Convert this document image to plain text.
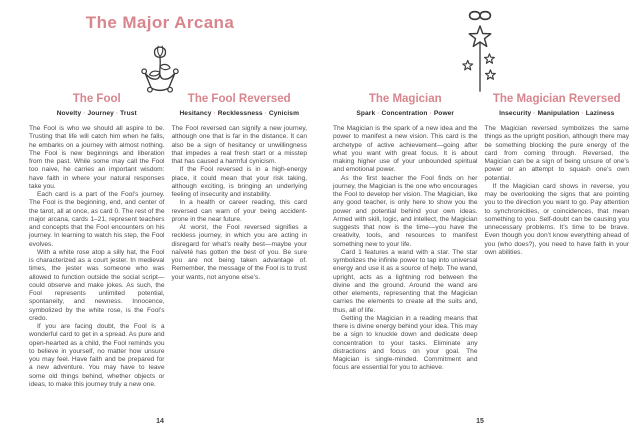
The Major Arcana
The Fool
Novelty · Journey · Trust

The Fool is who we should all aspire to be. Trusting that life will catch him when he falls, he embarks on a journey with almost nothing. The Fool is new beginnings and liberation from the past. While some may call the Fool too naive, he carries an important wisdom: have faith in where your natural responses take you.

Each card is a part of the Fool’s journey. The Fool is the beginning, end, and center of the tarot, all at once, as card 0. The rest of the major arcana, cards 1–21, represent teachers and concepts that the Fool encounters on his journey. In learning to watch his step, the Fool evolves.

With a white rose atop a silly hat, the Fool is characterized as a court jester. In medieval times, the jester was someone who was allowed to function outside the social script—could observe and make jokes. As such, the Fool represents unlimited potential, spontaneity, and newness. Innocence, symbolized by the white rose, is the Fool’s credo.

If you are facing doubt, the Fool is a wonderful card to get in a spread. As pure and open-hearted as a child, the Fool reminds you to believe in yourself, no matter how unsure you may feel. Have faith and be prepared for a new adventure. You may have to leave some old things behind, whether objects or ideas, to make this journey truly a new one.

The Fool Reversed
Hesitancy · Recklessness · Cynicism

The Fool reversed can signify a new journey, although one that is far in the distance. It can also be a sign of hesitancy or unwillingness that impedes a real fresh start or a misstep that has caused a harmful cynicism.

If the Fool reversed is in a high-energy place, it could mean that your risk taking, although exciting, is bringing an underlying feeling of insecurity and instability.

In a health or career reading, this card reversed can warn of your being accident-prone in the near future.

At worst, the Fool reversed signifies a reckless journey, in which you are acting in disregard for what’s really best—maybe your naïveté has gotten the best of you. Be sure you are not being taken advantage of. Remember, the message of the Fool is to trust your wants, not anyone else’s.

14
The Magician
Spark · Concentration · Power

The Magician is the spark of a new idea and the power to manifest a new vision. This card is the archetype of active achievement—going after what you want with great focus. It is about making higher use of your unbounded spiritual and emotional power.

As the first teacher the Fool finds on her journey, the Magician is the one who encourages the Fool to develop her vision. The Magician, like any good teacher, is only here to show you the power and potential behind your own ideas. Armed with skill, logic, and intellect, the Magician suggests that now is the time—you have the creativity, tools, and resources to manifest something new to your life.

Card 1 features a wand with a star. The star symbolizes the infinite power to tap into universal energy and use it as a source of help. The wand, upright, acts as a lightning rod between the divine and the ground. Around the wand are other elements, representing that the Magician carries the elements to create all the suits and, thus, all of life.

Getting the Magician in a reading means that there is divine energy behind your idea. This may be a sign to knuckle down and dedicate deep concentration to your tasks. Eliminate any distractions and focus on your goal. The Magician is single-minded. Commitment and focus are essential for you to achieve.

The Magician Reversed
Insecurity · Manipulation · Laziness

The Magician reversed symbolizes the same things as the upright position, although there may be something blocking the pure energy of the card from coming through. Reversed, the Magician can be a sign of being unsure of one’s power or an attempt to squash one’s own potential.

If the Magician card shows in reverse, you may be overlooking the signs that are pointing you to the direction you want to go. Pay attention to synchronicities, or coincidences, that mean something to you. Self-doubt can be causing you unnecessary problems. It’s time to be brave. Even though you don’t know everything ahead of you (who does?), you need to have faith in your own abilities.

15
